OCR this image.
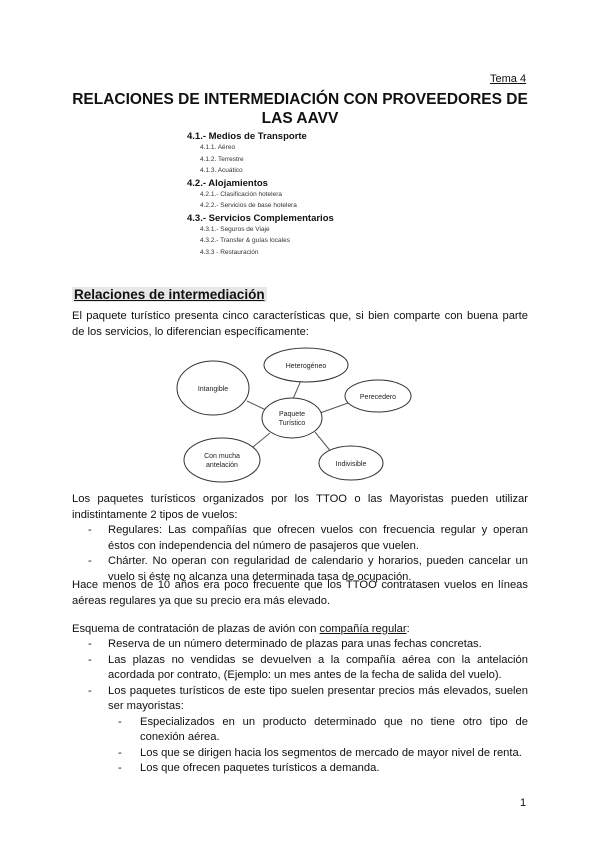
Tema 4
RELACIONES DE INTERMEDIACIÓN CON PROVEEDORES DE LAS AAVV
4.1.- Medios de Transporte
4.1.1. Aéreo
4.1.2. Terrestre
4.1.3. Acuático
4.2.- Alojamientos
4.2.1.- Clasificación hotelera
4.2.2.- Servicios de base hotelera
4.3.- Servicios Complementarios
4.3.1.- Seguros de Viaje
4.3.2.- Transfer & guías locales
4.3.3 - Restauración
Relaciones de intermediación
El paquete turístico presenta cinco características que, si bien comparte con buena parte de los servicios, lo diferencian específicamente:
Paquete
Turístico
Heterogéneo
Perecedero
Indivisible
Con mucha
antelación
Intangible
Los paquetes turísticos organizados por los TTOO o las Mayoristas pueden utilizar indistintamente 2 tipos de vuelos:
- Regulares: Las compañías que ofrecen vuelos con frecuencia regular y operan éstos con independencia del número de pasajeros que vuelen.
- Chárter. No operan con regularidad de calendario y horarios, pueden cancelar un vuelo si éste no alcanza una determinada tasa de ocupación.
Hace menos de 10 años era poco frecuente que los TTOO contratasen vuelos en líneas aéreas regulares ya que su precio era más elevado.
Esquema de contratación de plazas de avión con compañía regular:
- Reserva de un número determinado de plazas para unas fechas concretas.
- Las plazas no vendidas se devuelven a la compañía aérea con la antelación acordada por contrato, (Ejemplo: un mes antes de la fecha de salida del vuelo).
- Los paquetes turísticos de este tipo suelen presentar precios más elevados, suelen ser mayoristas:
- Especializados en un producto determinado que no tiene otro tipo de conexión aérea.
- Los que se dirigen hacia los segmentos de mercado de mayor nivel de renta.
- Los que ofrecen paquetes turísticos a demanda.
1
